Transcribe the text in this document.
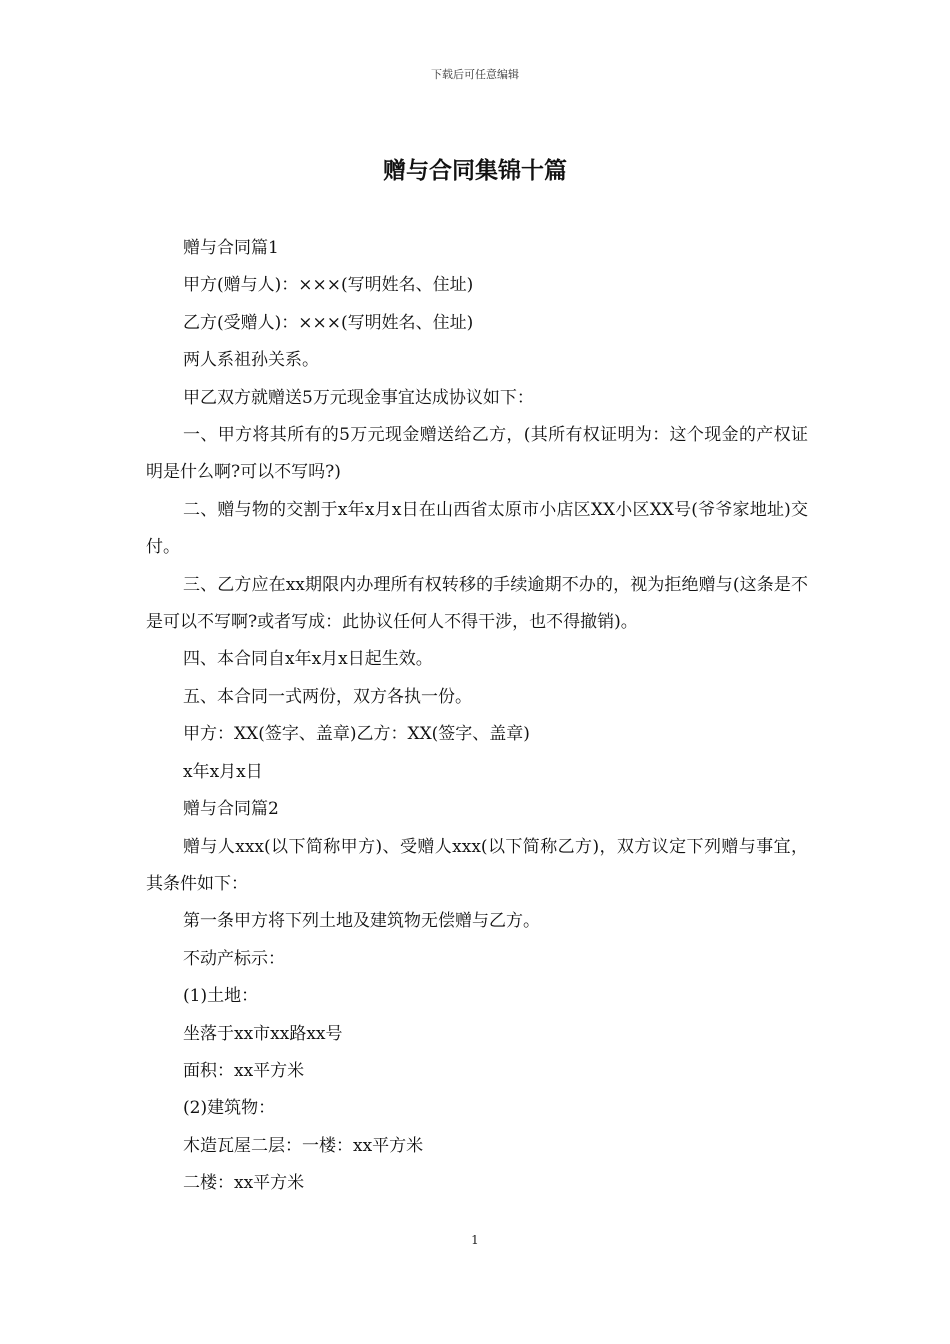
下载后可任意编辑
赠与合同集锦十篇

赠与合同篇1

甲方(赠与人)：×××(写明姓名、住址)

乙方(受赠人)：×××(写明姓名、住址)

两人系祖孙关系。

甲乙双方就赠送5万元现金事宜达成协议如下：

一、甲方将其所有的5万元现金赠送给乙方，(其所有权证明为：这个现金的产权证明是什么啊?可以不写吗?)

二、赠与物的交割于x年x月x日在山西省太原市小店区XX小区XX号(爷爷家地址)交付。

三、乙方应在xx期限内办理所有权转移的手续逾期不办的，视为拒绝赠与(这条是不是可以不写啊?或者写成：此协议任何人不得干涉，也不得撤销)。

四、本合同自x年x月x日起生效。

五、本合同一式两份，双方各执一份。

甲方：XX(签字、盖章)乙方：XX(签字、盖章)

x年x月x日

赠与合同篇2

赠与人xxx(以下简称甲方)、受赠人xxx(以下简称乙方)，双方议定下列赠与事宜，其条件如下：

第一条甲方将下列土地及建筑物无偿赠与乙方。

不动产标示：

(1)土地：

坐落于xx市xx路xx号

面积：xx平方米

(2)建筑物：

木造瓦屋二层：一楼：xx平方米

二楼：xx平方米

1
